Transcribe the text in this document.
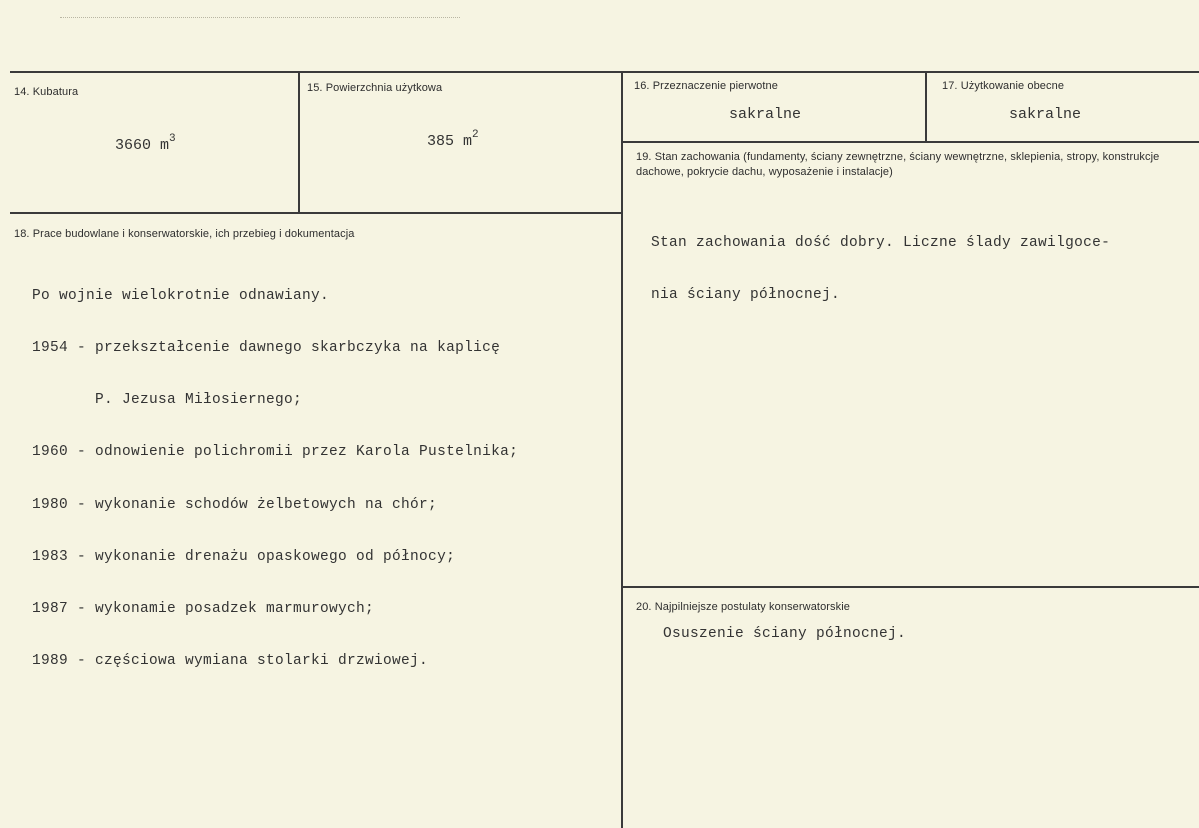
14. Kubatura
3660 $m^3$
15. Powierzchnia użytkowa
385 $m^2$
16. Przeznaczenie pierwotne
sakralne
17. Użytkowanie obecne
sakralne
18. Prace budowlane i konserwatorskie, ich przebieg i dokumentacja

Po wojnie wielokrotnie odnawiany.

1954 - przekształcenie dawnego skarbczyka na kaplicę

P. Jezusa Miłosiernego;

1960 - odnowienie polichromii przez Karola Pustelnika;

1980 - wykonanie schodów żelbetowych na chór;

1983 - wykonanie drenażu opaskowego od północy;

1987 - wykonamie posadzek marmurowych;

1989 - częściowa wymiana stolarki drzwiowej.

19. Stan zachowania (fundamenty, ściany zewnętrzne, ściany wewnętrzne, sklepienia, stropy, konstrukcje dachowe, pokrycie dachu, wyposażenie i instalacje)

Stan zachowania dość dobry. Liczne ślady zawilgoce-

nia ściany północnej.

20. Najpilniejsze postulaty konserwatorskie
Osuszenie ściany północnej.
